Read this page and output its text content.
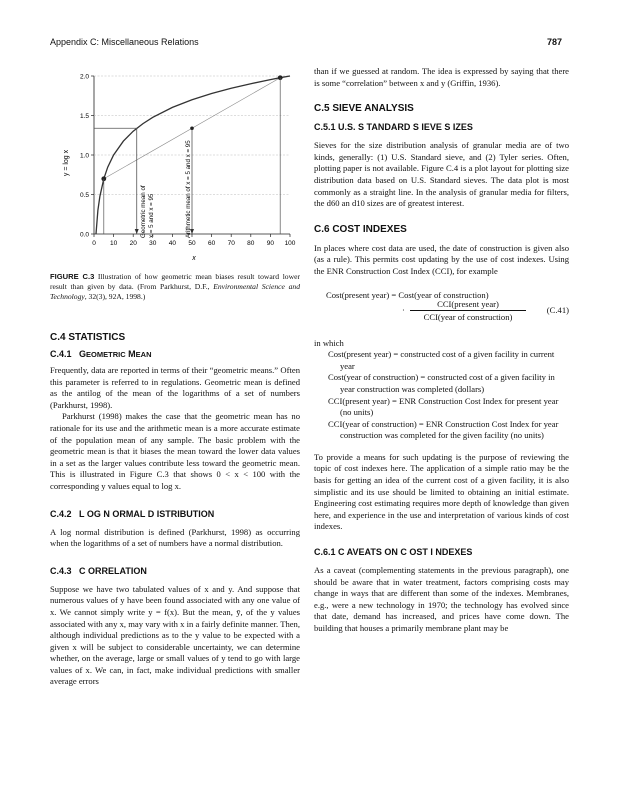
Appendix C: Miscellaneous Relations	787
0.0
0.5
1.0
1.5
2.0
0 10 20 30 40 50 60 70 80 90 100
y = log x
x
Geometric mean of x = 5 and x = 95	Arithmetic mean of x = 5 and x = 95
FIGURE C.3 Illustration of how geometric mean biases result toward lower result than given by data. (From Parkhurst, D.F., Environmental Science and Technology, 32(3), 92A, 1998.)
C.4 STATISTICS
C.4.1 GEOMETRIC MEAN

Frequently, data are reported in terms of their “geometric means.” Often this parameter is referred to in regulations. Geometric mean is defined as the antilog of the mean of the logarithms of a set of numbers (Parkhurst, 1998).

Parkhurst (1998) makes the case that the geometric mean has no rationale for its use and the arithmetic mean is a more accurate estimate of the population mean of any sample. The basic problem with the geometric mean is that it biases the mean toward the lower data values in a set as the larger values contribute less toward the geometric mean. This is illustrated in Figure C.3 that shows 0 < x < 100 with the corresponding y values equal to log x.

C.4.2 L OG N ORMAL D ISTRIBUTION

A log normal distribution is defined (Parkhurst, 1998) as occurring when the logarithms of a set of numbers have a normal distribution.

C.4.3 C ORRELATION

Suppose we have two tabulated values of x and y. And suppose that numerous values of y have been found associated with any one value of x. We cannot simply write y = f(x). But the mean, ȳ, of the y values associated with any x, may vary with x in a fairly definite manner. Then, although individual predictions as to the y value to be expected with a given x will be subject to considerable uncertainty, we can determine whether, on the average, large or small values of y tend to go with large values of x. We can, in fact, make individual predictions with smaller average errors

than if we guessed at random. The idea is expressed by saying that there is some “correlation” between x and y (Griffin, 1936).

C.5 SIEVE ANALYSIS
C.5.1 U.S. S TANDARD S IEVE S IZES

Sieves for the size distribution analysis of granular media are of two kinds, generally: (1) U.S. Standard sieve, and (2) Tyler series. Often, plotting paper is not available. Figure C.4 is a plot layout for plotting size distribution data based on U.S. Standard sieves. The data plot is most commonly as a straight line. In the analysis of granular media for filters, the d60 an d10 sizes are of greatest interest.

C.6 COST INDEXES

In places where cost data are used, the date of construction is given also (as a rule). This permits cost updating by the use of cost indexes. Using the ENR Construction Cost Index (CCI), for example

Cost(present year) = Cost(year of construction)
·
CCI(present year)
CCI(year of construction)
(C.41)

in which

Cost(present year) = constructed cost of a given facility in current year
Cost(year of construction) = constructed cost of a given facility in year construction was completed (dollars)
CCI(present year) = ENR Construction Cost Index for present year (no units)
CCI(year of construction) = ENR Construction Cost Index for year construction was completed for the given facility (no units)

To provide a means for such updating is the purpose of reviewing the topic of cost indexes here. The application of a simple ratio may be the basis for getting an idea of the current cost of a given facility, it is also simplistic and its use should be limited to obtaining an initial estimate. Engineering cost estimating requires more depth of knowledge than given here, and experience in the use and interpretation of various kinds of cost indexes.

C.6.1 C AVEATS ON C OST I NDEXES

As a caveat (complementing statements in the previous paragraph), one should be aware that in water treatment, factors comprising costs may change in ways that are different than some of the indexes. Membranes, e.g., were a new technology in 1970; the technology has evolved since that date, demand has increased, and prices have come down. The building that houses a primarily membrane plant may be
